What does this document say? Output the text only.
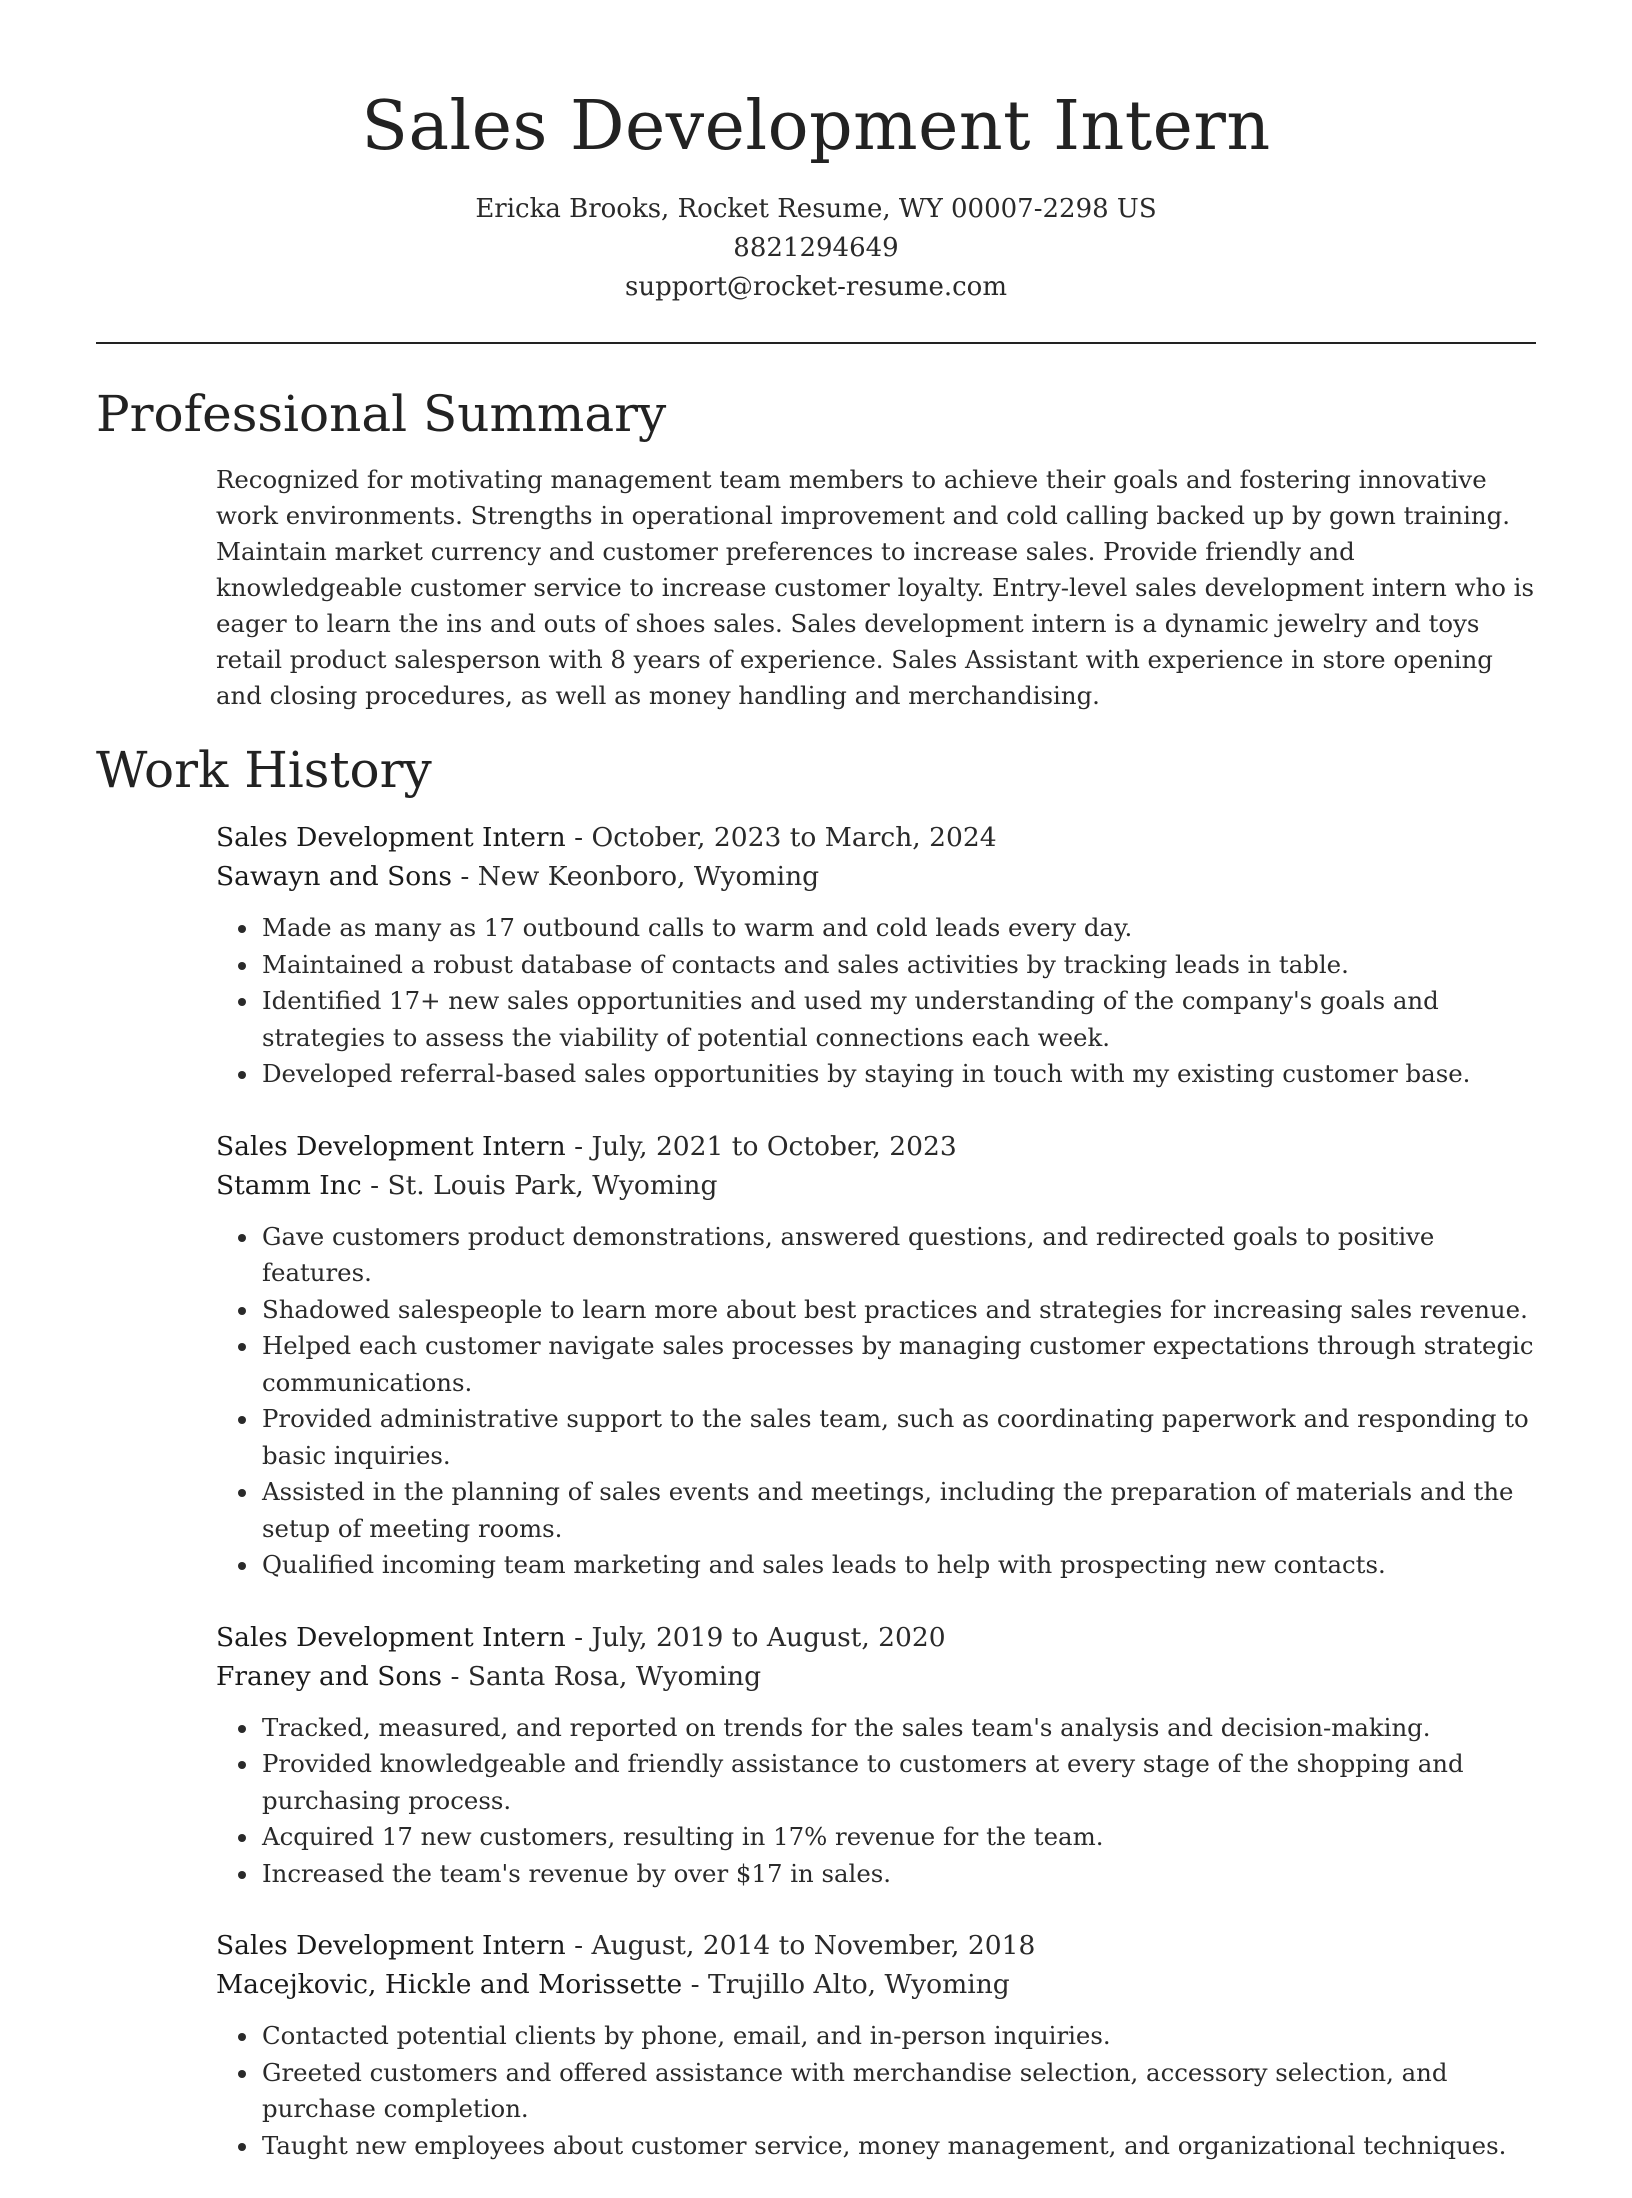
Sales Development Intern
Ericka Brooks, Rocket Resume, WY 00007-2298 US
8821294649
support@rocket-resume.com
Professional Summary

Recognized for motivating management team members to achieve their goals and fostering innovative work environments. Strengths in operational improvement and cold calling backed up by gown training. Maintain market currency and customer preferences to increase sales. Provide friendly and knowledgeable customer service to increase customer loyalty. Entry-level sales development intern who is eager to learn the ins and outs of shoes sales. Sales development intern is a dynamic jewelry and toys retail product salesperson with 8 years of experience. Sales Assistant with experience in store opening and closing procedures, as well as money handling and merchandising.

Work History
Sales Development Intern - October, 2023 to March, 2024
Sawayn and Sons - New Keonboro, Wyoming
• Made as many as 17 outbound calls to warm and cold leads every day.
• Maintained a robust database of contacts and sales activities by tracking leads in table.
• Identified 17+ new sales opportunities and used my understanding of the company's goals and strategies to assess the viability of potential connections each week.
• Developed referral-based sales opportunities by staying in touch with my existing customer base.
Sales Development Intern - July, 2021 to October, 2023
Stamm Inc - St. Louis Park, Wyoming
• Gave customers product demonstrations, answered questions, and redirected goals to positive features.
• Shadowed salespeople to learn more about best practices and strategies for increasing sales revenue.
• Helped each customer navigate sales processes by managing customer expectations through strategic communications.
• Provided administrative support to the sales team, such as coordinating paperwork and responding to basic inquiries.
• Assisted in the planning of sales events and meetings, including the preparation of materials and the setup of meeting rooms.
• Qualified incoming team marketing and sales leads to help with prospecting new contacts.
Sales Development Intern - July, 2019 to August, 2020
Franey and Sons - Santa Rosa, Wyoming
• Tracked, measured, and reported on trends for the sales team's analysis and decision-making.
• Provided knowledgeable and friendly assistance to customers at every stage of the shopping and purchasing process.
• Acquired 17 new customers, resulting in 17% revenue for the team.
• Increased the team's revenue by over $17 in sales.
Sales Development Intern - August, 2014 to November, 2018
Macejkovic, Hickle and Morissette - Trujillo Alto, Wyoming
• Contacted potential clients by phone, email, and in-person inquiries.
• Greeted customers and offered assistance with merchandise selection, accessory selection, and purchase completion.
• Taught new employees about customer service, money management, and organizational techniques.
